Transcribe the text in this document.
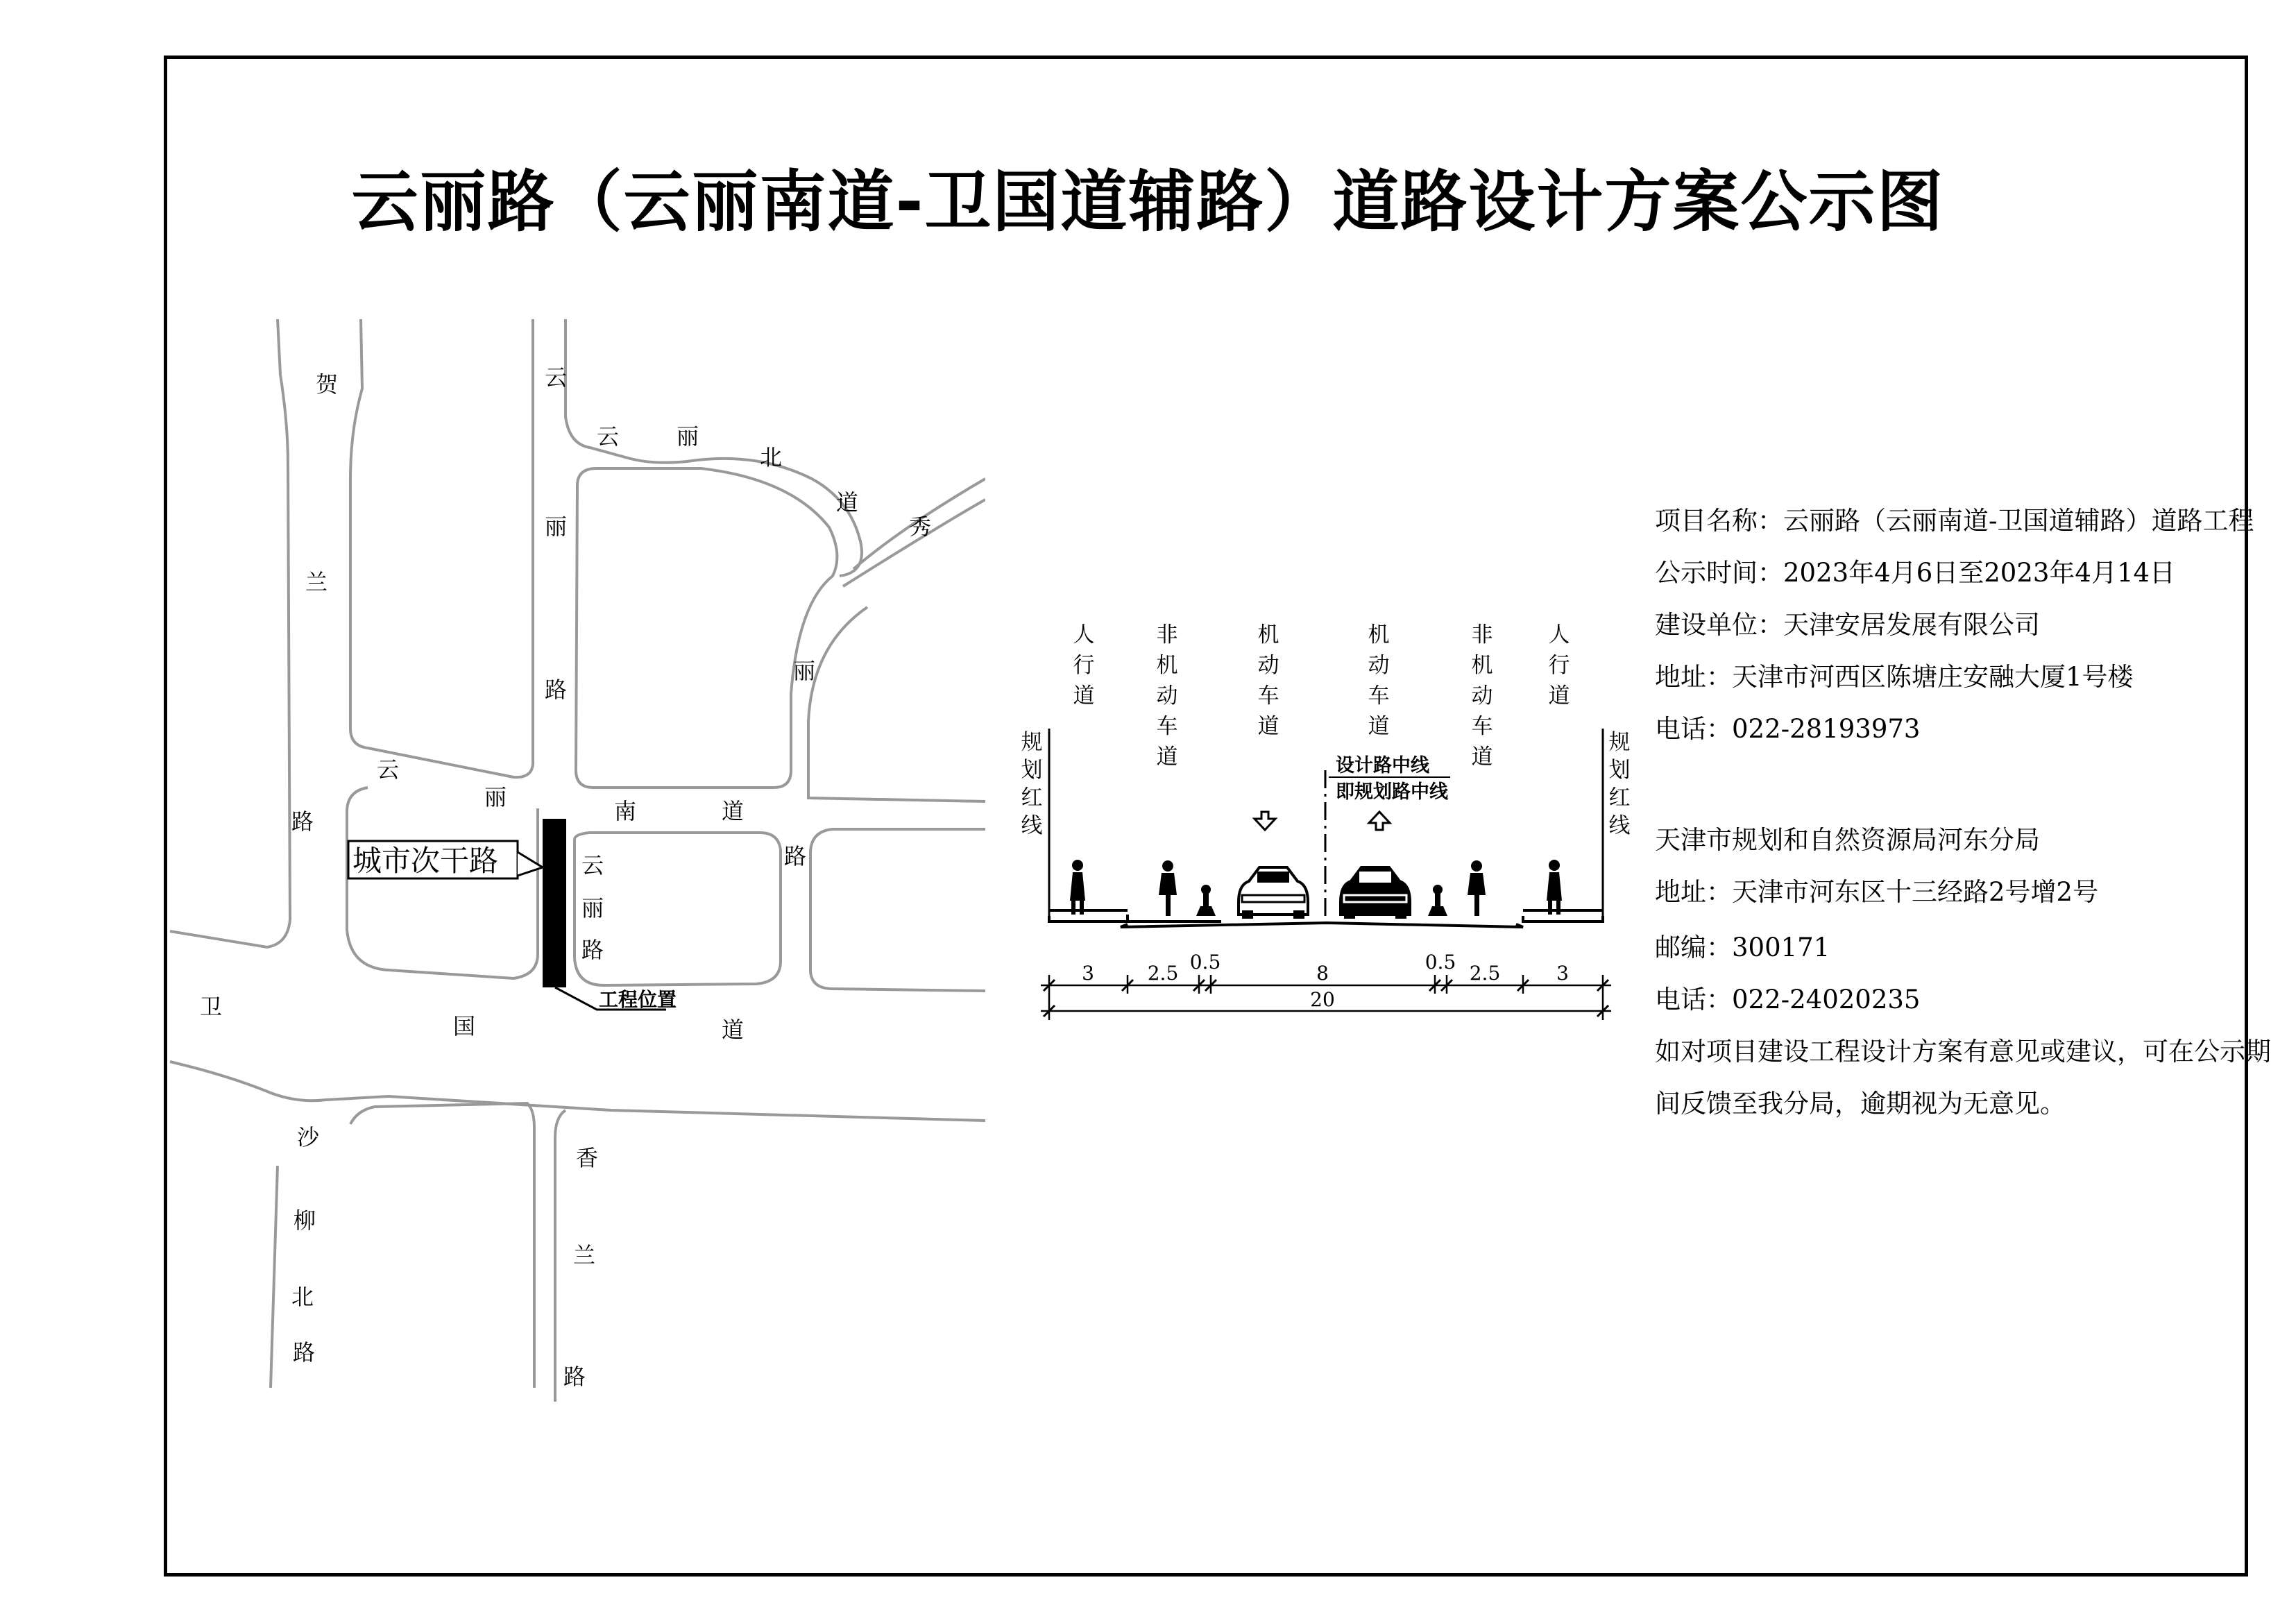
云丽路（云丽南道-卫国道辅路）道路设计方案公示图
工程位置
城市次干路
贺
兰
路
云
丽
路
云	丽
北
道
秀
丽
路
云
丽
南	道
云
丽
路
卫
国	道
沙
柳
北
路
香
兰
路
人行道
非机动车道
机动车道
机动车道
非机动车道
人行道
规划红线
规划红线
设计路中线
即规划路中线
3	2.5 0.5	8	0.5 2.5	3
20
项目名称：云丽路（云丽南道-卫国道辅路）道路工程
公示时间：2023年4月6日至2023年4月14日
建设单位：天津安居发展有限公司
地址：天津市河西区陈塘庄安融大厦1号楼
电话：022-28193973
天津市规划和自然资源局河东分局
地址：天津市河东区十三经路2号增2号
邮编：300171
电话：022-24020235
如对项目建设工程设计方案有意见或建议，可在公示期
间反馈至我分局，逾期视为无意见。
